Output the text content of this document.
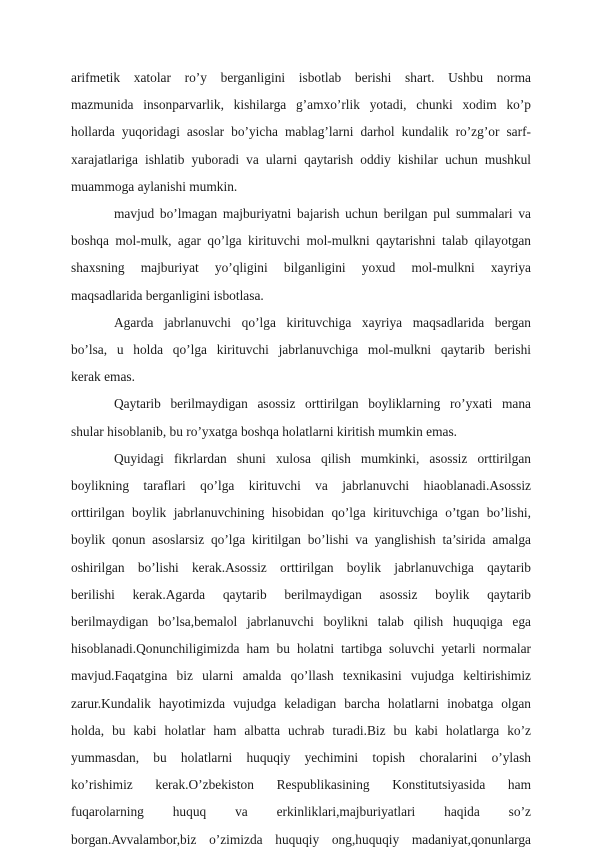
arifmetik xatolar ro’y berganligini isbotlab berishi shart. Ushbu norma
mazmunida insonparvarlik, kishilarga g’amxo’rlik yotadi, chunki xodim ko’p
hollarda yuqoridagi asoslar bo’yicha mablag’larni darhol kundalik ro’zg’or sarf-
xarajatlariga ishlatib yuboradi va ularni qaytarish oddiy kishilar uchun mushkul
muammoga aylanishi mumkin.
mavjud bo’lmagan majburiyatni bajarish uchun berilgan pul summalari va
boshqa mol-mulk, agar qo’lga kirituvchi mol-mulkni qaytarishni talab qilayotgan
shaxsning majburiyat yo’qligini bilganligini yoxud mol-mulkni xayriya
maqsadlarida berganligini isbotlasa.
Agarda jabrlanuvchi qo’lga kirituvchiga xayriya maqsadlarida bergan
bo’lsa, u holda qo’lga kirituvchi jabrlanuvchiga mol-mulkni qaytarib berishi
kerak emas.
Qaytarib berilmaydigan asossiz orttirilgan boyliklarning ro’yxati mana
shular hisoblanib, bu ro’yxatga boshqa holatlarni kiritish mumkin emas.
Quyidagi fikrlardan shuni xulosa qilish mumkinki, asossiz orttirilgan
boylikning taraflari qo’lga kirituvchi va jabrlanuvchi hiaoblanadi.Asossiz
orttirilgan boylik jabrlanuvchining hisobidan qo’lga kirituvchiga o’tgan bo’lishi,
boylik qonun asoslarsiz qo’lga kiritilgan bo’lishi va yanglishish ta’sirida amalga
oshirilgan bo’lishi kerak.Asossiz orttirilgan boylik jabrlanuvchiga qaytarib
berilishi kerak.Agarda qaytarib berilmaydigan asossiz boylik qaytarib
berilmaydigan bo’lsa,bemalol jabrlanuvchi boylikni talab qilish huquqiga ega
hisoblanadi.Qonunchiligimizda ham bu holatni tartibga soluvchi yetarli normalar
mavjud.Faqatgina biz ularni amalda qo’llash texnikasini vujudga keltirishimiz
zarur.Kundalik hayotimizda vujudga keladigan barcha holatlarni inobatga olgan
holda, bu kabi holatlar ham albatta uchrab turadi.Biz bu kabi holatlarga ko’z
yummasdan, bu holatlarni huquqiy yechimini topish choralarini o’ylash
ko’rishimiz kerak.O’zbekiston Respublikasining Konstitutsiyasida ham
fuqarolarning huquq va erkinliklari,majburiyatlari haqida so’z
borgan.Avvalambor,biz o’zimizda huquqiy ong,huquqiy madaniyat,qonunlarga
